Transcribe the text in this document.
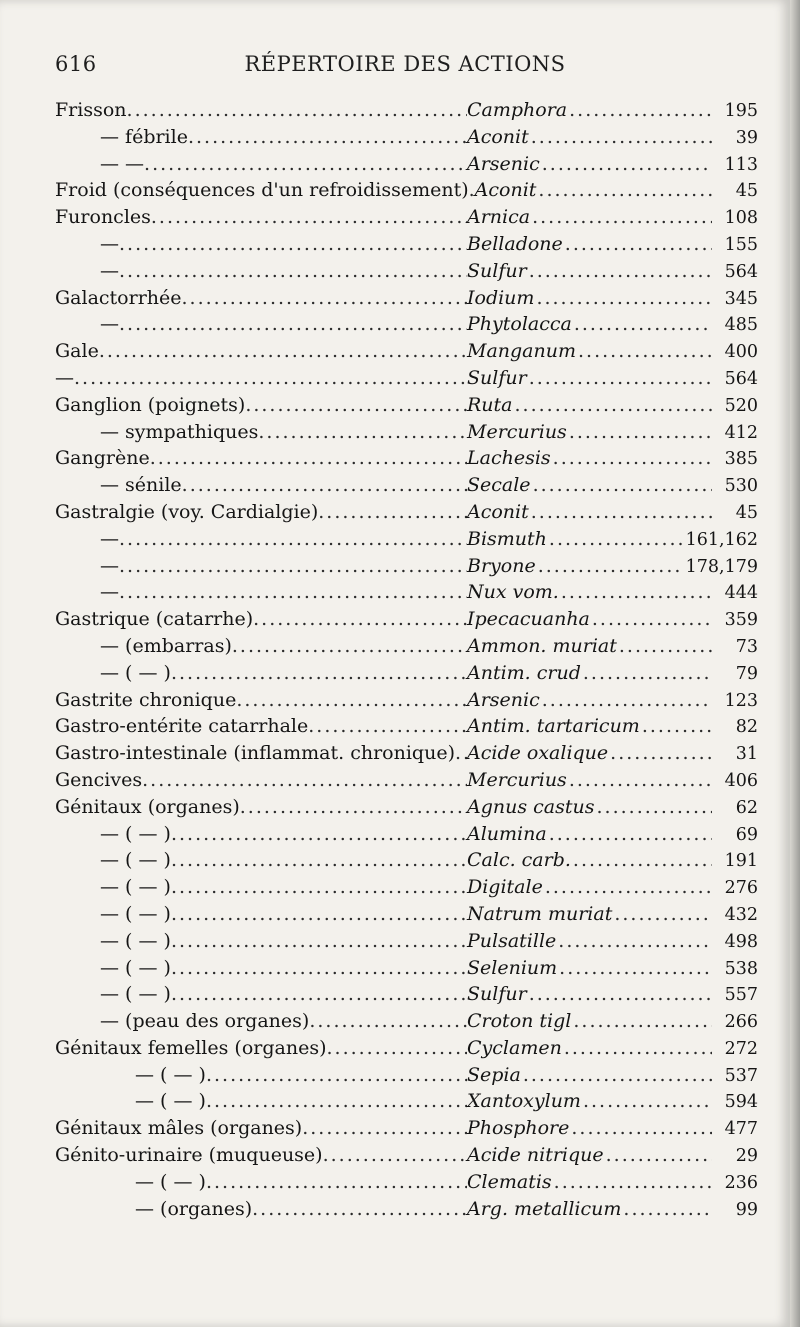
616	RÉPERTOIRE DES ACTIONS
Frisson .....	Camphora .....	195
— fébrile .....	Aconit .....	39
— — .....	Arsenic .....	113
Froid (conséquences d'un refroidissement) ..... Aconit .....	45
Furoncles .....	Arnica .....	108
— .....	Belladone .....	155
— .....	Sulfur .....	564
Galactorrhée .....	Iodium .....	345
— .....	Phytolacca .....	485
Gale .....	Manganum .....	400
— .....	Sulfur .....	564
Ganglion (poignets) .....	Ruta .....	520
— sympathiques .....	Mercurius .....	412
Gangrène .....	Lachesis .....	385
— sénile .....	Secale .....	530
Gastralgie (voy. Cardialgie) .....	Aconit .....	45
— .....	Bismuth .....	161,162
— .....	Bryone .....	178,179
— .....	Nux vom. .....	444
Gastrique (catarrhe) .....	Ipecacuanha .....	359
— (embarras) .....	Ammon. muriat .....	73
— ( — ) .....	Antim. crud .....	79
Gastrite chronique .....	Arsenic .....	123
Gastro-entérite catarrhale .....	Antim. tartaricum .....	82
Gastro-intestinale (inflammat. chronique) ..... Acide oxalique .....	31
Gencives .....	Mercurius .....	406
Génitaux (organes) .....	Agnus castus .....	62
— ( — ) .....	Alumina .....	69
— ( — ) .....	Calc. carb. .....	191
— ( — ) .....	Digitale .....	276
— ( — ) .....	Natrum muriat .....	432
— ( — ) .....	Pulsatille .....	498
— ( — ) .....	Selenium .....	538
— ( — ) .....	Sulfur .....	557
— (peau des organes) .....	Croton tigl .....	266
Génitaux femelles (organes) .....	Cyclamen .....	272
— ( — ) .....	Sepia .....	537
— ( — ) .....	Xantoxylum .....	594
Génitaux mâles (organes) .....	Phosphore .....	477
Génito-urinaire (muqueuse) .....	Acide nitrique .....	29
— ( — ) .....	Clematis .....	236
— (organes) .....	Arg. metallicum .....	99
